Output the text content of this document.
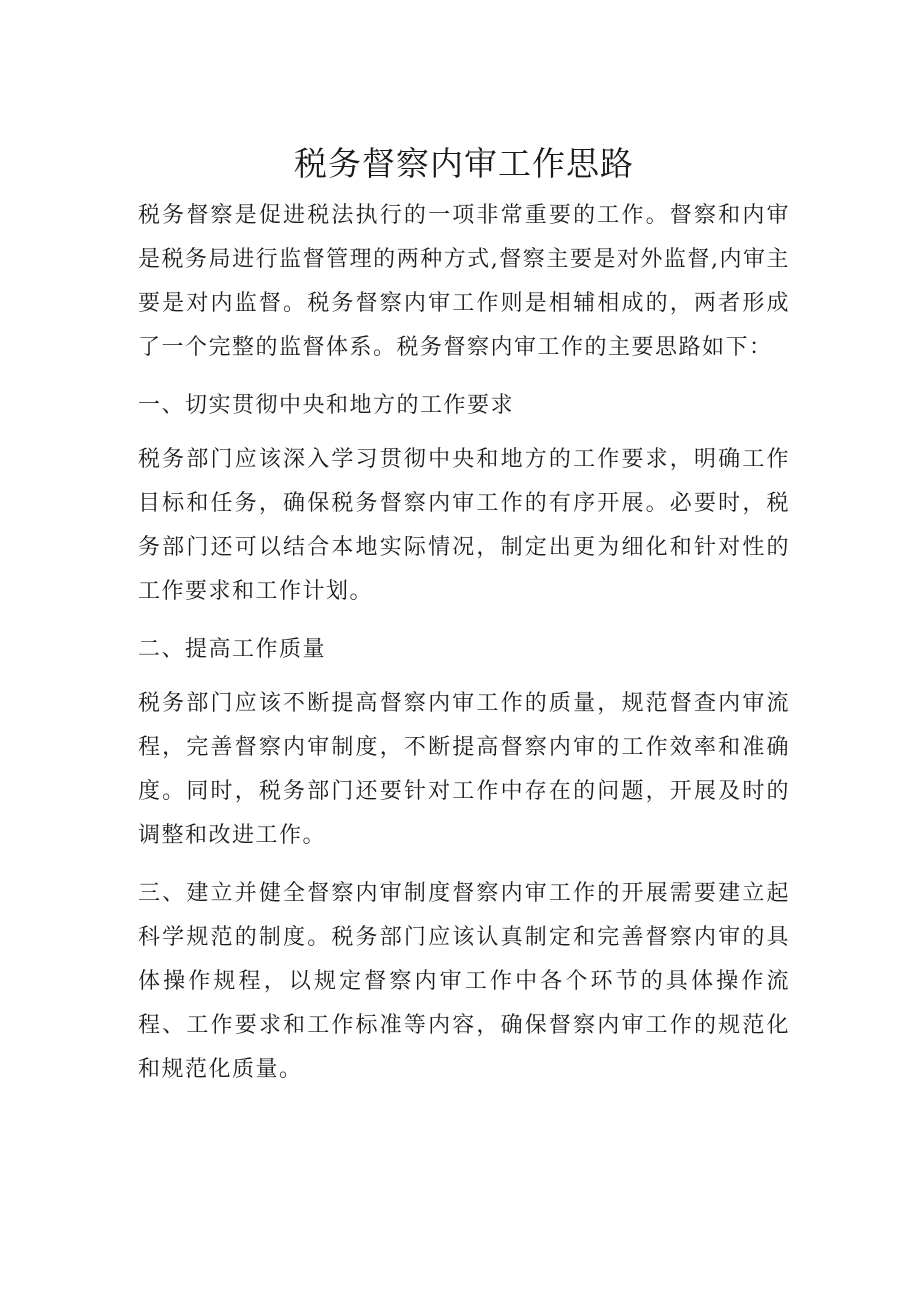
税务督察内审工作思路

税务督察是促进税法执行的一项非常重要的工作。督察和内审是税务局进行监督管理的两种方式,督察主要是对外监督,内审主要是对内监督。税务督察内审工作则是相辅相成的，两者形成了一个完整的监督体系。税务督察内审工作的主要思路如下：

一、切实贯彻中央和地方的工作要求

税务部门应该深入学习贯彻中央和地方的工作要求，明确工作目标和任务，确保税务督察内审工作的有序开展。必要时，税务部门还可以结合本地实际情况，制定出更为细化和针对性的工作要求和工作计划。

二、提高工作质量

税务部门应该不断提高督察内审工作的质量，规范督查内审流程，完善督察内审制度，不断提高督察内审的工作效率和准确度。同时，税务部门还要针对工作中存在的问题，开展及时的调整和改进工作。

三、建立并健全督察内审制度督察内审工作的开展需要建立起科学规范的制度。税务部门应该认真制定和完善督察内审的具体操作规程，以规定督察内审工作中各个环节的具体操作流程、工作要求和工作标准等内容，确保督察内审工作的规范化和规范化质量。
